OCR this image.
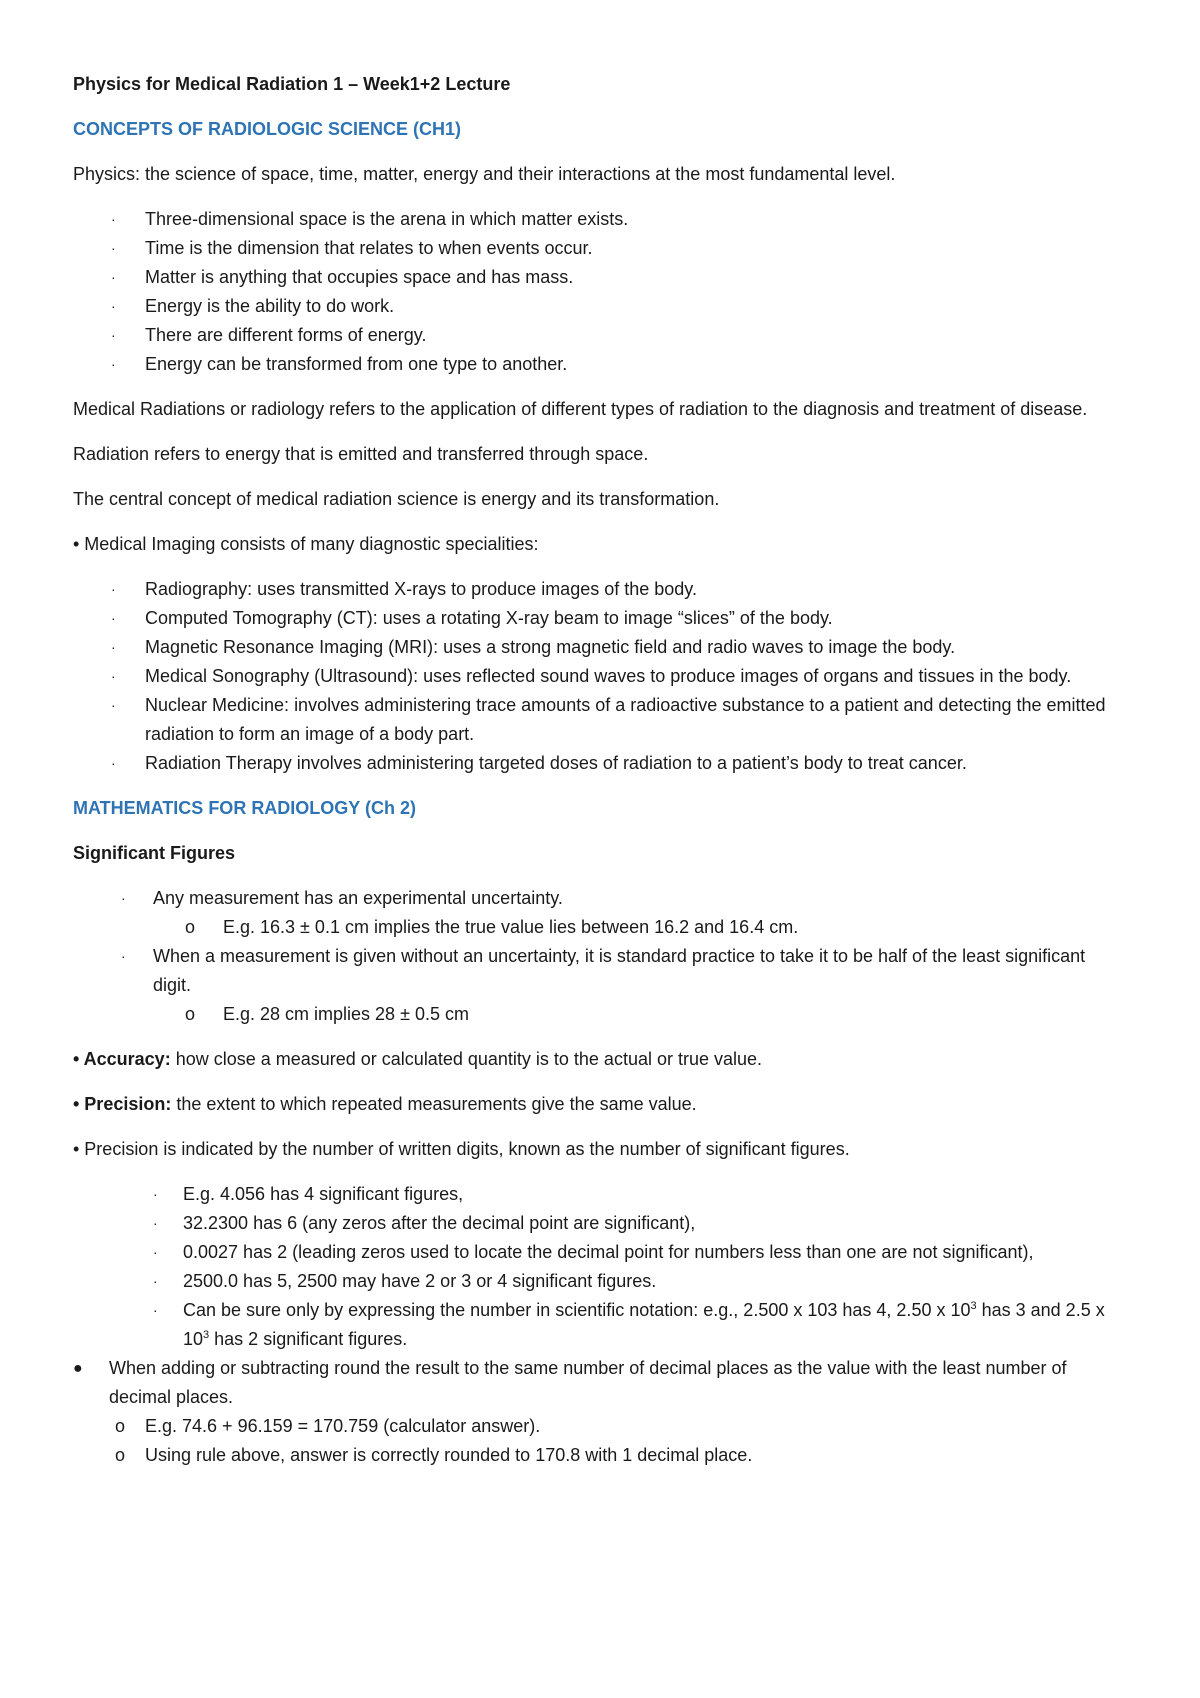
Physics for Medical Radiation 1 – Week1+2 Lecture

CONCEPTS OF RADIOLOGIC SCIENCE (CH1)

Physics: the science of space, time, matter, energy and their interactions at the most fundamental level.

· Three-dimensional space is the arena in which matter exists.
· Time is the dimension that relates to when events occur.
· Matter is anything that occupies space and has mass.
· Energy is the ability to do work.
· There are different forms of energy.
· Energy can be transformed from one type to another.

Medical Radiations or radiology refers to the application of different types of radiation to the diagnosis and treatment of disease.

Radiation refers to energy that is emitted and transferred through space.

The central concept of medical radiation science is energy and its transformation.

• Medical Imaging consists of many diagnostic specialities:

· Radiography: uses transmitted X-rays to produce images of the body.
· Computed Tomography (CT): uses a rotating X-ray beam to image “slices” of the body.
· Magnetic Resonance Imaging (MRI): uses a strong magnetic field and radio waves to image the body.
· Medical Sonography (Ultrasound): uses reflected sound waves to produce images of organs and tissues in the body.
· Nuclear Medicine: involves administering trace amounts of a radioactive substance to a patient and detecting the emitted radiation to form an image of a body part.
· Radiation Therapy involves administering targeted doses of radiation to a patient’s body to treat cancer.

MATHEMATICS FOR RADIOLOGY (Ch 2)

Significant Figures

· Any measurement has an experimental uncertainty.
o E.g. 16.3 ± 0.1 cm implies the true value lies between 16.2 and 16.4 cm.
· When a measurement is given without an uncertainty, it is standard practice to take it to be half of the least significant digit.
o E.g. 28 cm implies 28 ± 0.5 cm

• Accuracy: how close a measured or calculated quantity is to the actual or true value.

• Precision: the extent to which repeated measurements give the same value.

• Precision is indicated by the number of written digits, known as the number of significant figures.

· E.g. 4.056 has 4 significant figures,
· 32.2300 has 6 (any zeros after the decimal point are significant),
· 0.0027 has 2 (leading zeros used to locate the decimal point for numbers less than one are not significant),
· 2500.0 has 5, 2500 may have 2 or 3 or 4 significant figures.
· Can be sure only by expressing the number in scientific notation: e.g., 2.500 x 103 has 4, 2.50 x $10^3$ has 3 and 2.5 x $10^3$ has 2 significant figures.
● When adding or subtracting round the result to the same number of decimal places as the value with the least number of decimal places.
o E.g. 74.6 + 96.159 = 170.759 (calculator answer).
o Using rule above, answer is correctly rounded to 170.8 with 1 decimal place.
